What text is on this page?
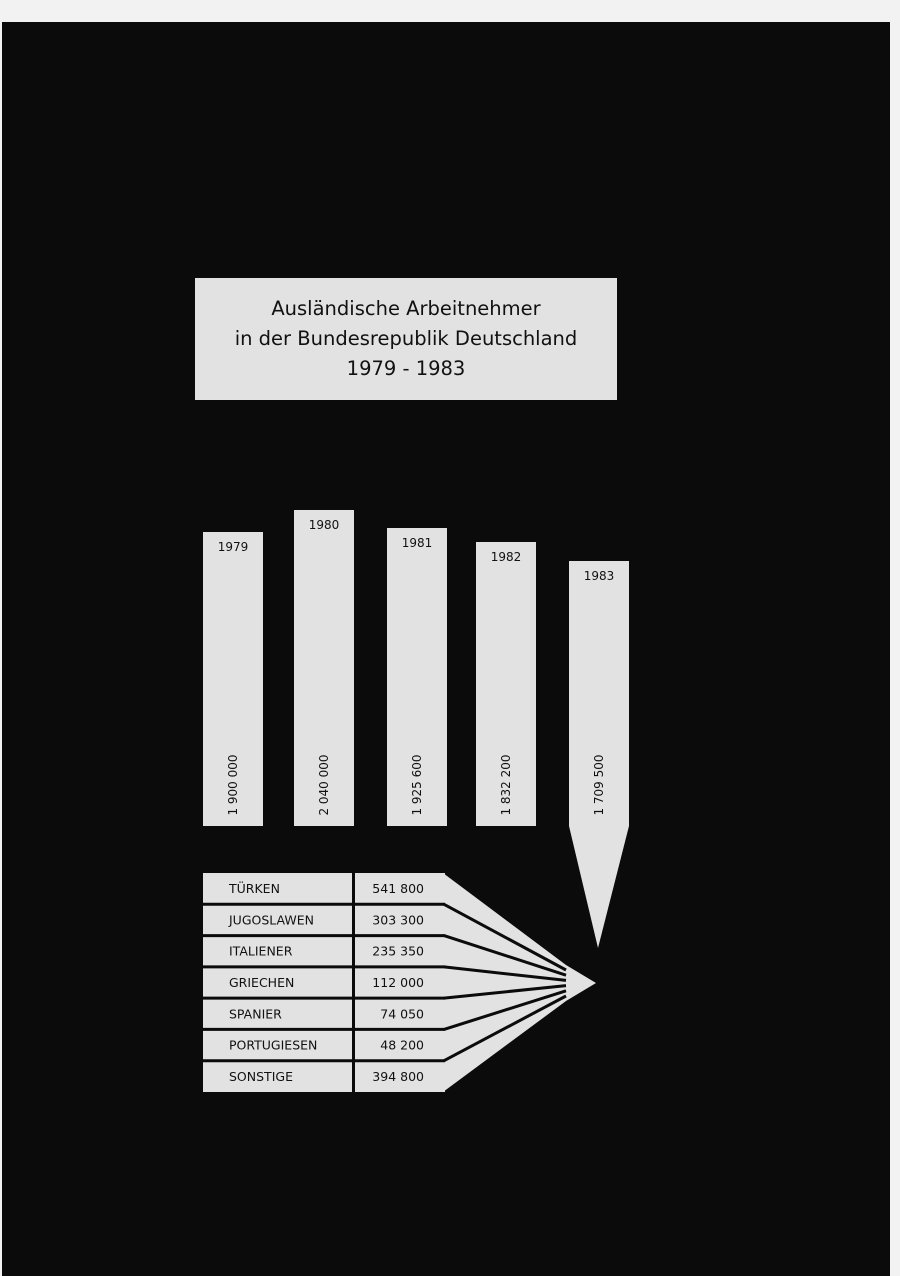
Ausländische Arbeitnehmer
in der Bundesrepublik Deutschland
1979 - 1983
1979
1 900 000
1980
2 040 000
1981
1 925 600
1982
1 832 200
1983
1 709 500
TÜRKEN	541 800
JUGOSLAWEN	303 300
ITALIENER	235 350
GRIECHEN	112 000
SPANIER	74 050
PORTUGIESEN	48 200
SONSTIGE	394 800
